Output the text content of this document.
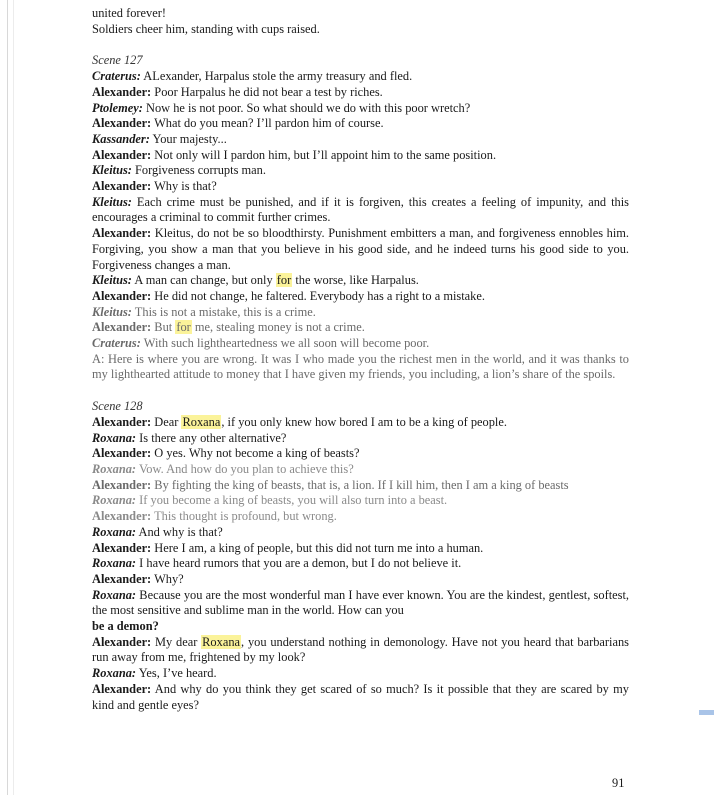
united forever!
Soldiers cheer him, standing with cups raised.
Scene 127
Craterus: ALexander, Harpalus stole the army treasury and fled.
Alexander: Poor Harpalus he did not bear a test by riches.
Ptolemey: Now he is not poor. So what should we do with this poor wretch?
Alexander: What do you mean? I’ll pardon him of course.
Kassander: Your majesty...
Alexander: Not only will I pardon him, but I’ll appoint him to the same position.
Kleitus: Forgiveness corrupts man.
Alexander: Why is that?
Kleitus: Each crime must be punished, and if it is forgiven, this creates a feeling of impunity, and this encourages a criminal to commit further crimes.
Alexander: Kleitus, do not be so bloodthirsty. Punishment embitters a man, and forgiveness ennobles him. Forgiving, you show a man that you believe in his good side, and he indeed turns his good side to you. Forgiveness changes a man.
Kleitus: A man can change, but only for the worse, like Harpalus.
Alexander: He did not change, he faltered. Everybody has a right to a mistake.
Kleitus: This is not a mistake, this is a crime.
Alexander: But for me, stealing money is not a crime.
Craterus: With such lightheartedness we all soon will become poor.
A: Here is where you are wrong. It was I who made you the richest men in the world, and it was thanks to my lighthearted attitude to money that I have given my friends, you including, a lion’s share of the spoils.
Scene 128
Alexander: Dear Roxana, if you only knew how bored I am to be a king of people.
Roxana: Is there any other alternative?
Alexander: O yes. Why not become a king of beasts?
Roxana: Vow. And how do you plan to achieve this?
Alexander: By fighting the king of beasts, that is, a lion. If I kill him, then I am a king of beasts
Roxana: If you become a king of beasts, you will also turn into a beast.
Alexander: This thought is profound, but wrong.
Roxana: And why is that?
Alexander: Here I am, a king of people, but this did not turn me into a human.
Roxana: I have heard rumors that you are a demon, but I do not believe it.
Alexander: Why?
Roxana: Because you are the most wonderful man I have ever known. You are the kindest, gentlest, softest, the most sensitive and sublime man in the world. How can you
be a demon?
Alexander: My dear Roxana, you understand nothing in demonology. Have not you heard that barbarians run away from me, frightened by my look?
Roxana: Yes, I’ve heard.
Alexander: And why do you think they get scared of so much? Is it possible that they are scared by my kind and gentle eyes?
91
